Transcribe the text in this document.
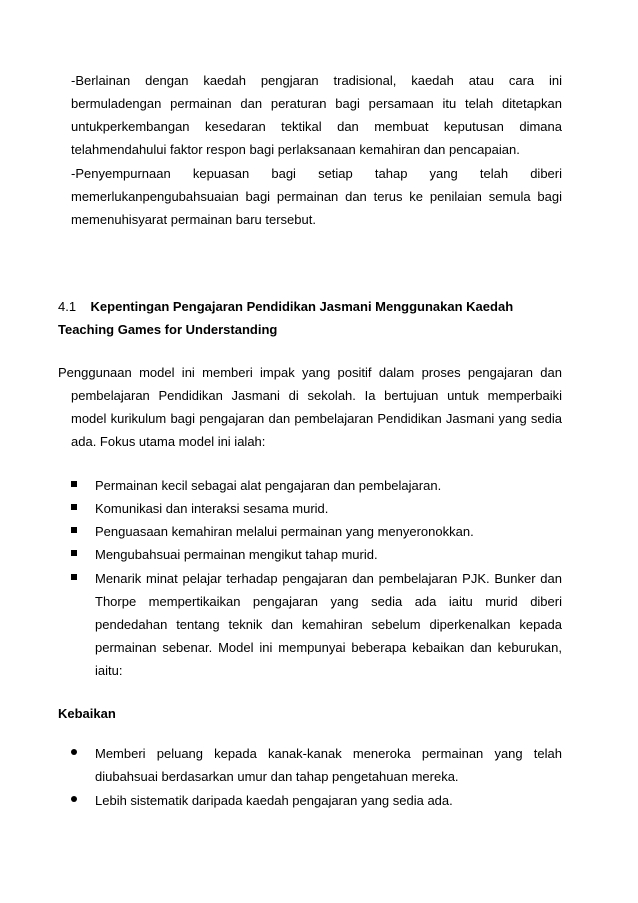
-Berlainan dengan kaedah pengjaran tradisional, kaedah atau cara ini

bermuladengan permainan dan peraturan bagi persamaan itu telah ditetapkan

untukperkembangan kesedaran tektikal dan membuat keputusan dimana

telahmendahului faktor respon bagi perlaksanaan kemahiran dan pencapaian.

-Penyempurnaan kepuasan bagi setiap tahap yang telah diberi

memerlukanpengubahsuaian bagi permainan dan terus ke penilaian semula bagi

memenuhisyarat permainan baru tersebut.

4.1 Kepentingan Pengajaran Pendidikan Jasmani Menggunakan Kaedah
Teaching Games for Understanding

Penggunaan model ini memberi impak yang positif dalam proses pengajaran dan

pembelajaran Pendidikan Jasmani di sekolah. Ia bertujuan untuk memperbaiki

model kurikulum bagi pengajaran dan pembelajaran Pendidikan Jasmani yang sedia

ada. Fokus utama model ini ialah:

Permainan kecil sebagai alat pengajaran dan pembelajaran.

Komunikasi dan interaksi sesama murid.

Penguasaan kemahiran melalui permainan yang menyeronokkan.

Mengubahsuai permainan mengikut tahap murid.

Menarik minat pelajar terhadap pengajaran dan pembelajaran PJK. Bunker dan

Thorpe mempertikaikan pengajaran yang sedia ada iaitu murid diberi

pendedahan tentang teknik dan kemahiran sebelum diperkenalkan kepada

permainan sebenar. Model ini mempunyai beberapa kebaikan dan keburukan,

iaitu:

Kebaikan

Memberi peluang kepada kanak-kanak meneroka permainan yang telah

diubahsuai berdasarkan umur dan tahap pengetahuan mereka.

Lebih sistematik daripada kaedah pengajaran yang sedia ada.
